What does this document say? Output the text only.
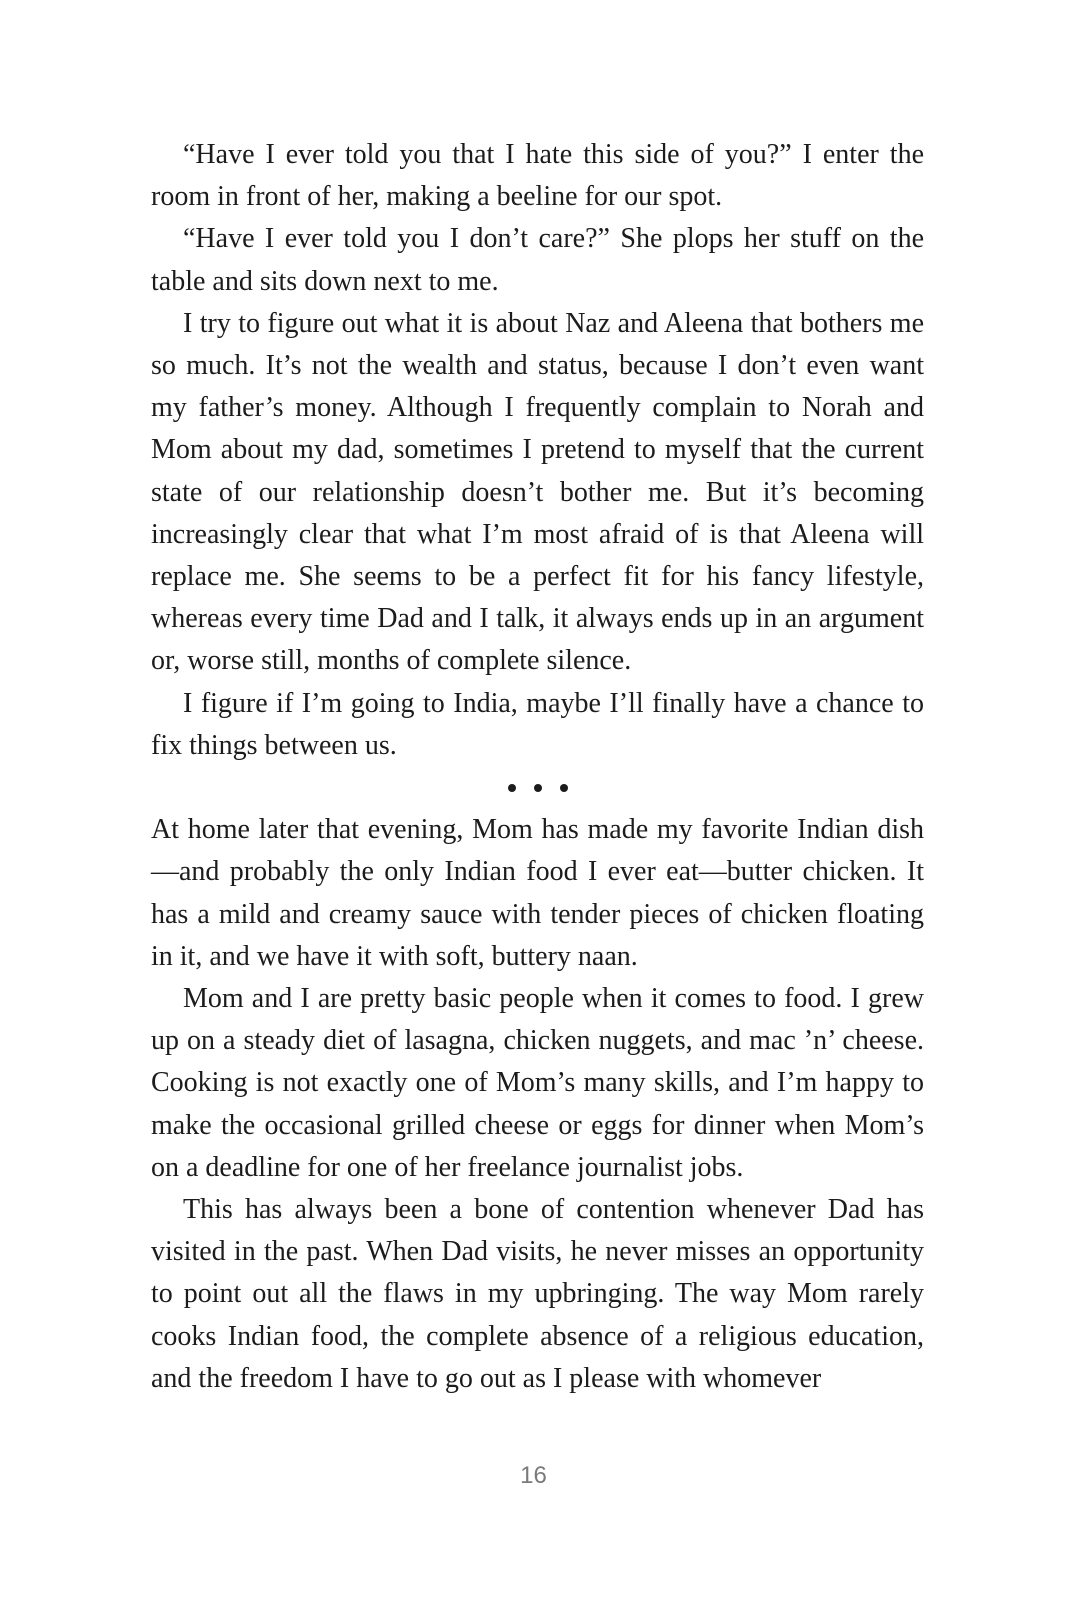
“Have I ever told you that I hate this side of you?” I enter the room in front of her, making a beeline for our spot.

“Have I ever told you I don’t care?” She plops her stuff on the table and sits down next to me.

I try to figure out what it is about Naz and Aleena that bothers me so much. It’s not the wealth and status, because I don’t even want my father’s money. Although I frequently complain to Norah and Mom about my dad, sometimes I pretend to myself that the current state of our relationship doesn’t bother me. But it’s becoming increasingly clear that what I’m most afraid of is that Aleena will replace me. She seems to be a perfect fit for his fancy lifestyle, whereas every time Dad and I talk, it always ends up in an argument or, worse still, months of complete silence.

I figure if I’m going to India, maybe I’ll finally have a chance to fix things between us.

At home later that evening, Mom has made my favorite Indian dish—and probably the only Indian food I ever eat—butter chicken. It has a mild and creamy sauce with tender pieces of chicken floating in it, and we have it with soft, buttery naan.

Mom and I are pretty basic people when it comes to food. I grew up on a steady diet of lasagna, chicken nuggets, and mac ’n’ cheese. Cooking is not exactly one of Mom’s many skills, and I’m happy to make the occasional grilled cheese or eggs for dinner when Mom’s on a deadline for one of her freelance journalist jobs.

This has always been a bone of contention whenever Dad has visited in the past. When Dad visits, he never misses an opportunity to point out all the flaws in my upbringing. The way Mom rarely cooks Indian food, the complete absence of a religious education, and the freedom I have to go out as I please with whomever

16
